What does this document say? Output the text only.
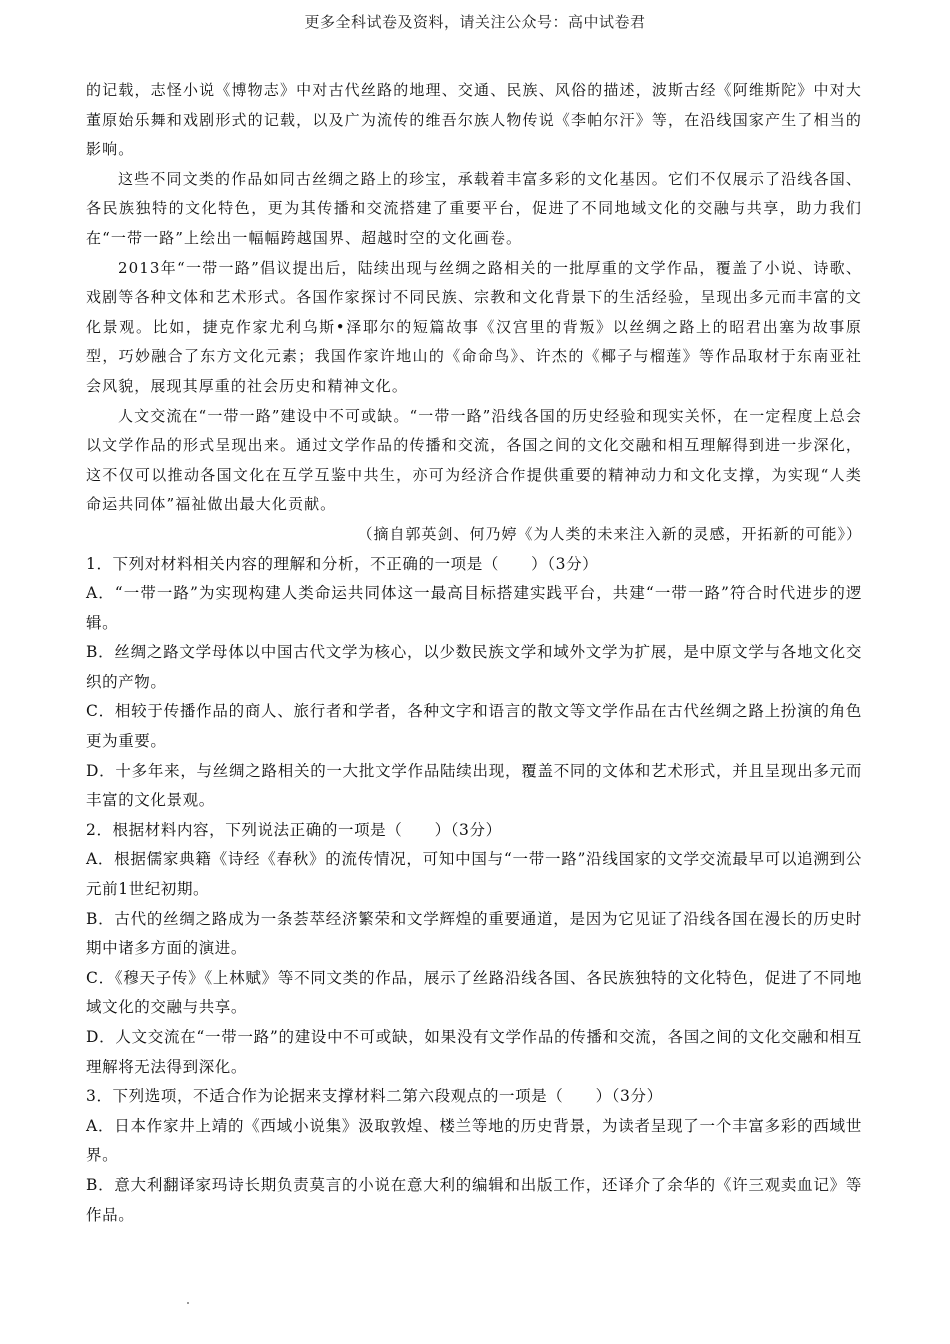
更多全科试卷及资料，请关注公众号：高中试卷君

的记载，志怪小说《博物志》中对古代丝路的地理、交通、民族、风俗的描述，波斯古经《阿维斯陀》中对大董原始乐舞和戏剧形式的记载，以及广为流传的维吾尔族人物传说《李帕尔汗》等，在沿线国家产生了相当的影响。

这些不同文类的作品如同古丝绸之路上的珍宝，承载着丰富多彩的文化基因。它们不仅展示了沿线各国、各民族独特的文化特色，更为其传播和交流搭建了重要平台，促进了不同地域文化的交融与共享，助力我们在“一带一路”上绘出一幅幅跨越国界、超越时空的文化画卷。

2013年“一带一路”倡议提出后，陆续出现与丝绸之路相关的一批厚重的文学作品，覆盖了小说、诗歌、戏剧等各种文体和艺术形式。各国作家探讨不同民族、宗教和文化背景下的生活经验，呈现出多元而丰富的文化景观。比如，捷克作家尤利乌斯•泽耶尔的短篇故事《汉宫里的背叛》以丝绸之路上的昭君出塞为故事原型，巧妙融合了东方文化元素；我国作家许地山的《命命鸟》、许杰的《椰子与榴莲》等作品取材于东南亚社会风貌，展现其厚重的社会历史和精神文化。

人文交流在“一带一路”建设中不可或缺。“一带一路”沿线各国的历史经验和现实关怀，在一定程度上总会以文学作品的形式呈现出来。通过文学作品的传播和交流，各国之间的文化交融和相互理解得到进一步深化，这不仅可以推动各国文化在互学互鉴中共生，亦可为经济合作提供重要的精神动力和文化支撑，为实现“人类命运共同体”福祉做出最大化贡献。

（摘自郭英剑、何乃婷《为人类的未来注入新的灵感，开拓新的可能》）

1．下列对材料相关内容的理解和分析，不正确的一项是（　　）（3分）

A．“一带一路”为实现构建人类命运共同体这一最高目标搭建实践平台，共建“一带一路”符合时代进步的逻辑。

B．丝绸之路文学母体以中国古代文学为核心，以少数民族文学和域外文学为扩展，是中原文学与各地文化交织的产物。

C．相较于传播作品的商人、旅行者和学者，各种文字和语言的散文等文学作品在古代丝绸之路上扮演的角色更为重要。

D．十多年来，与丝绸之路相关的一大批文学作品陆续出现，覆盖不同的文体和艺术形式，并且呈现出多元而丰富的文化景观。

2．根据材料内容，下列说法正确的一项是（　　）（3分）

A．根据儒家典籍《诗经《春秋》的流传情况，可知中国与“一带一路”沿线国家的文学交流最早可以追溯到公元前1世纪初期。

B．古代的丝绸之路成为一条荟萃经济繁荣和文学辉煌的重要通道，是因为它见证了沿线各国在漫长的历史时期中诸多方面的演进。

C．《穆天子传》《上林赋》等不同文类的作品，展示了丝路沿线各国、各民族独特的文化特色，促进了不同地域文化的交融与共享。

D．人文交流在“一带一路”的建设中不可或缺，如果没有文学作品的传播和交流，各国之间的文化交融和相互理解将无法得到深化。

3．下列选项，不适合作为论据来支撑材料二第六段观点的一项是（　　）（3分）

A．日本作家井上靖的《西域小说集》汲取敦煌、楼兰等地的历史背景，为读者呈现了一个丰富多彩的西域世界。

B．意大利翻译家玛诗长期负责莫言的小说在意大利的编辑和出版工作，还译介了余华的《许三观卖血记》等作品。
